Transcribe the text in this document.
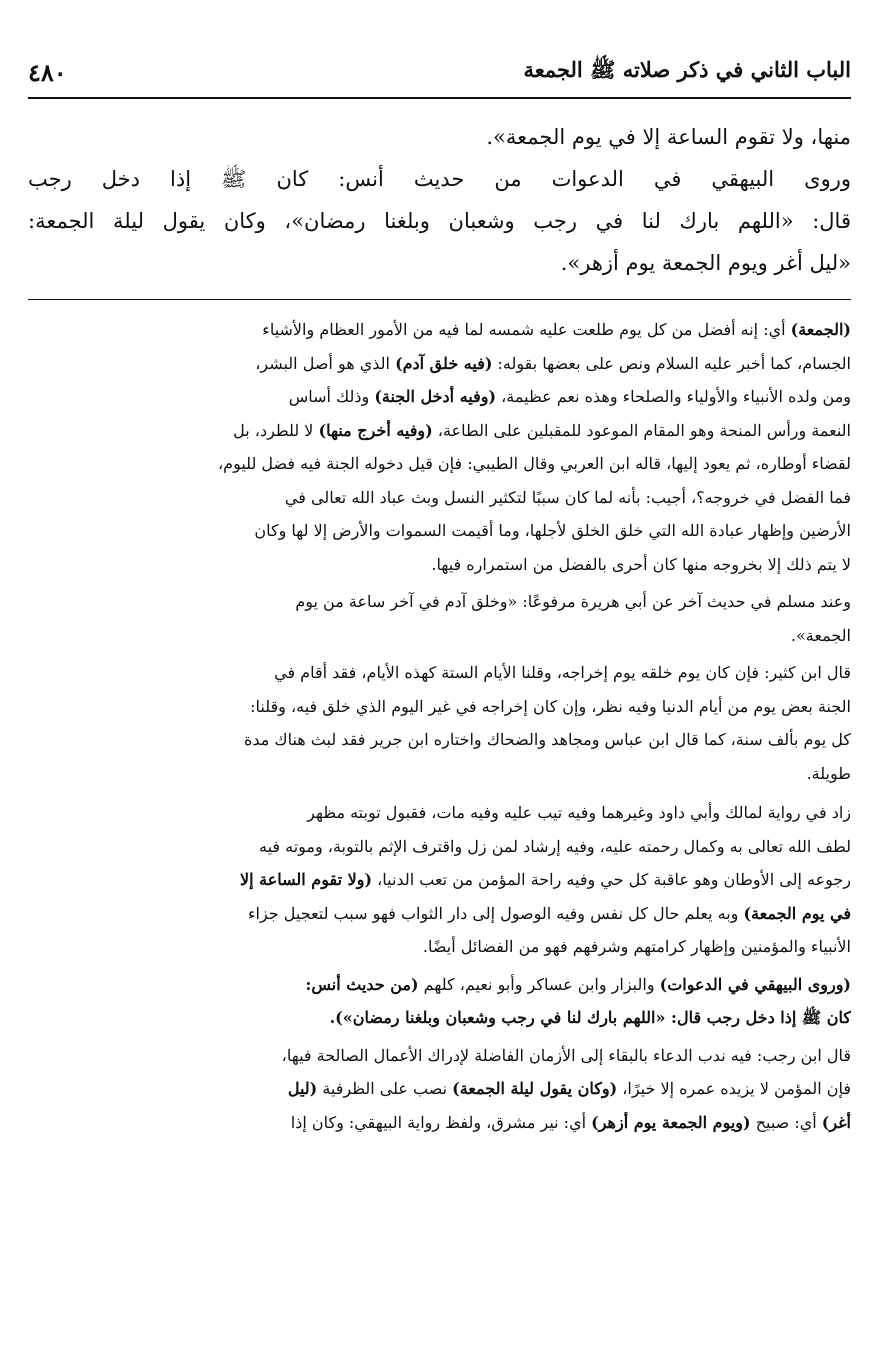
الباب الثاني في ذكر صلاته ﷺ الجمعة
٤٨٠

منها، ولا تقوم الساعة إلا في يوم الجمعة».

وروى البيهقي في الدعوات من حديث أنس: كان ﷺ إذا دخل رجب

قال: «اللهم بارك لنا في رجب وشعبان وبلغنا رمضان»، وكان يقول ليلة الجمعة:

«ليل أغر ويوم الجمعة يوم أزهر».

(الجمعة) أي: إنه أفضل من كل يوم طلعت عليه شمسه لما فيه من الأمور العظام والأشياء
الجسام، كما أخبر عليه السلام ونص على بعضها بقوله: (فيه خلق آدم) الذي هو أصل البشر،
ومن ولده الأنبياء والأولياء والصلحاء وهذه نعم عظيمة، (وفيه أدخل الجنة) وذلك أساس
النعمة ورأس المنحة وهو المقام الموعود للمقبلين على الطاعة، (وفيه أخرج منها) لا للطرد، بل
لقضاء أوطاره، ثم يعود إليها، قاله ابن العربي وقال الطيبي: فإن قيل دخوله الجنة فيه فضل لليوم،
فما الفضل في خروجه؟، أجيب: بأنه لما كان سببًا لتكثير النسل وبث عباد الله تعالى في
الأرضين وإظهار عبادة الله التي خلق الخلق لأجلها، وما أقيمت السموات والأرض إلا لها وكان
لا يتم ذلك إلا بخروجه منها كان أحرى بالفضل من استمراره فيها.
وعند مسلم في حديث آخر عن أبي هريرة مرفوعًا: «وخلق آدم في آخر ساعة من يوم
الجمعة».
قال ابن كثير: فإن كان يوم خلقه يوم إخراجه، وقلنا الأيام الستة كهذه الأيام، فقد أقام في
الجنة بعض يوم من أيام الدنيا وفيه نظر، وإن كان إخراجه في غير اليوم الذي خلق فيه، وقلنا:
كل يوم بألف سنة، كما قال ابن عباس ومجاهد والضحاك واختاره ابن جرير فقد لبث هناك مدة
طويلة.
زاد في رواية لمالك وأبي داود وغيرهما وفيه تيب عليه وفيه مات، فقبول توبته مظهر
لطف الله تعالى به وكمال رحمته عليه، وفيه إرشاد لمن زل واقترف الإثم بالتوبة، وموته فيه
رجوعه إلى الأوطان وهو عاقبة كل حي وفيه راحة المؤمن من تعب الدنيا، (ولا تقوم الساعة إلا
في يوم الجمعة) وبه يعلم حال كل نفس وفيه الوصول إلى دار الثواب فهو سبب لتعجيل جزاء
الأنبياء والمؤمنين وإظهار كرامتهم وشرفهم فهو من الفضائل أيضًا.
(وروى البيهقي في الدعوات) والبزار وابن عساكر وأبو نعيم، كلهم (من حديث أنس:
كان ﷺ إذا دخل رجب قال: «اللهم بارك لنا في رجب وشعبان وبلغنا رمضان»).
قال ابن رجب: فيه ندب الدعاء بالبقاء إلى الأزمان الفاضلة لإدراك الأعمال الصالحة فيها،
فإن المؤمن لا يزيده عمره إلا خيرًا، (وكان يقول ليلة الجمعة) نصب على الظرفية (ليل
أغر) أي: صبيح (ويوم الجمعة يوم أزهر) أي: نير مشرق، ولفظ رواية البيهقي: وكان إذا
